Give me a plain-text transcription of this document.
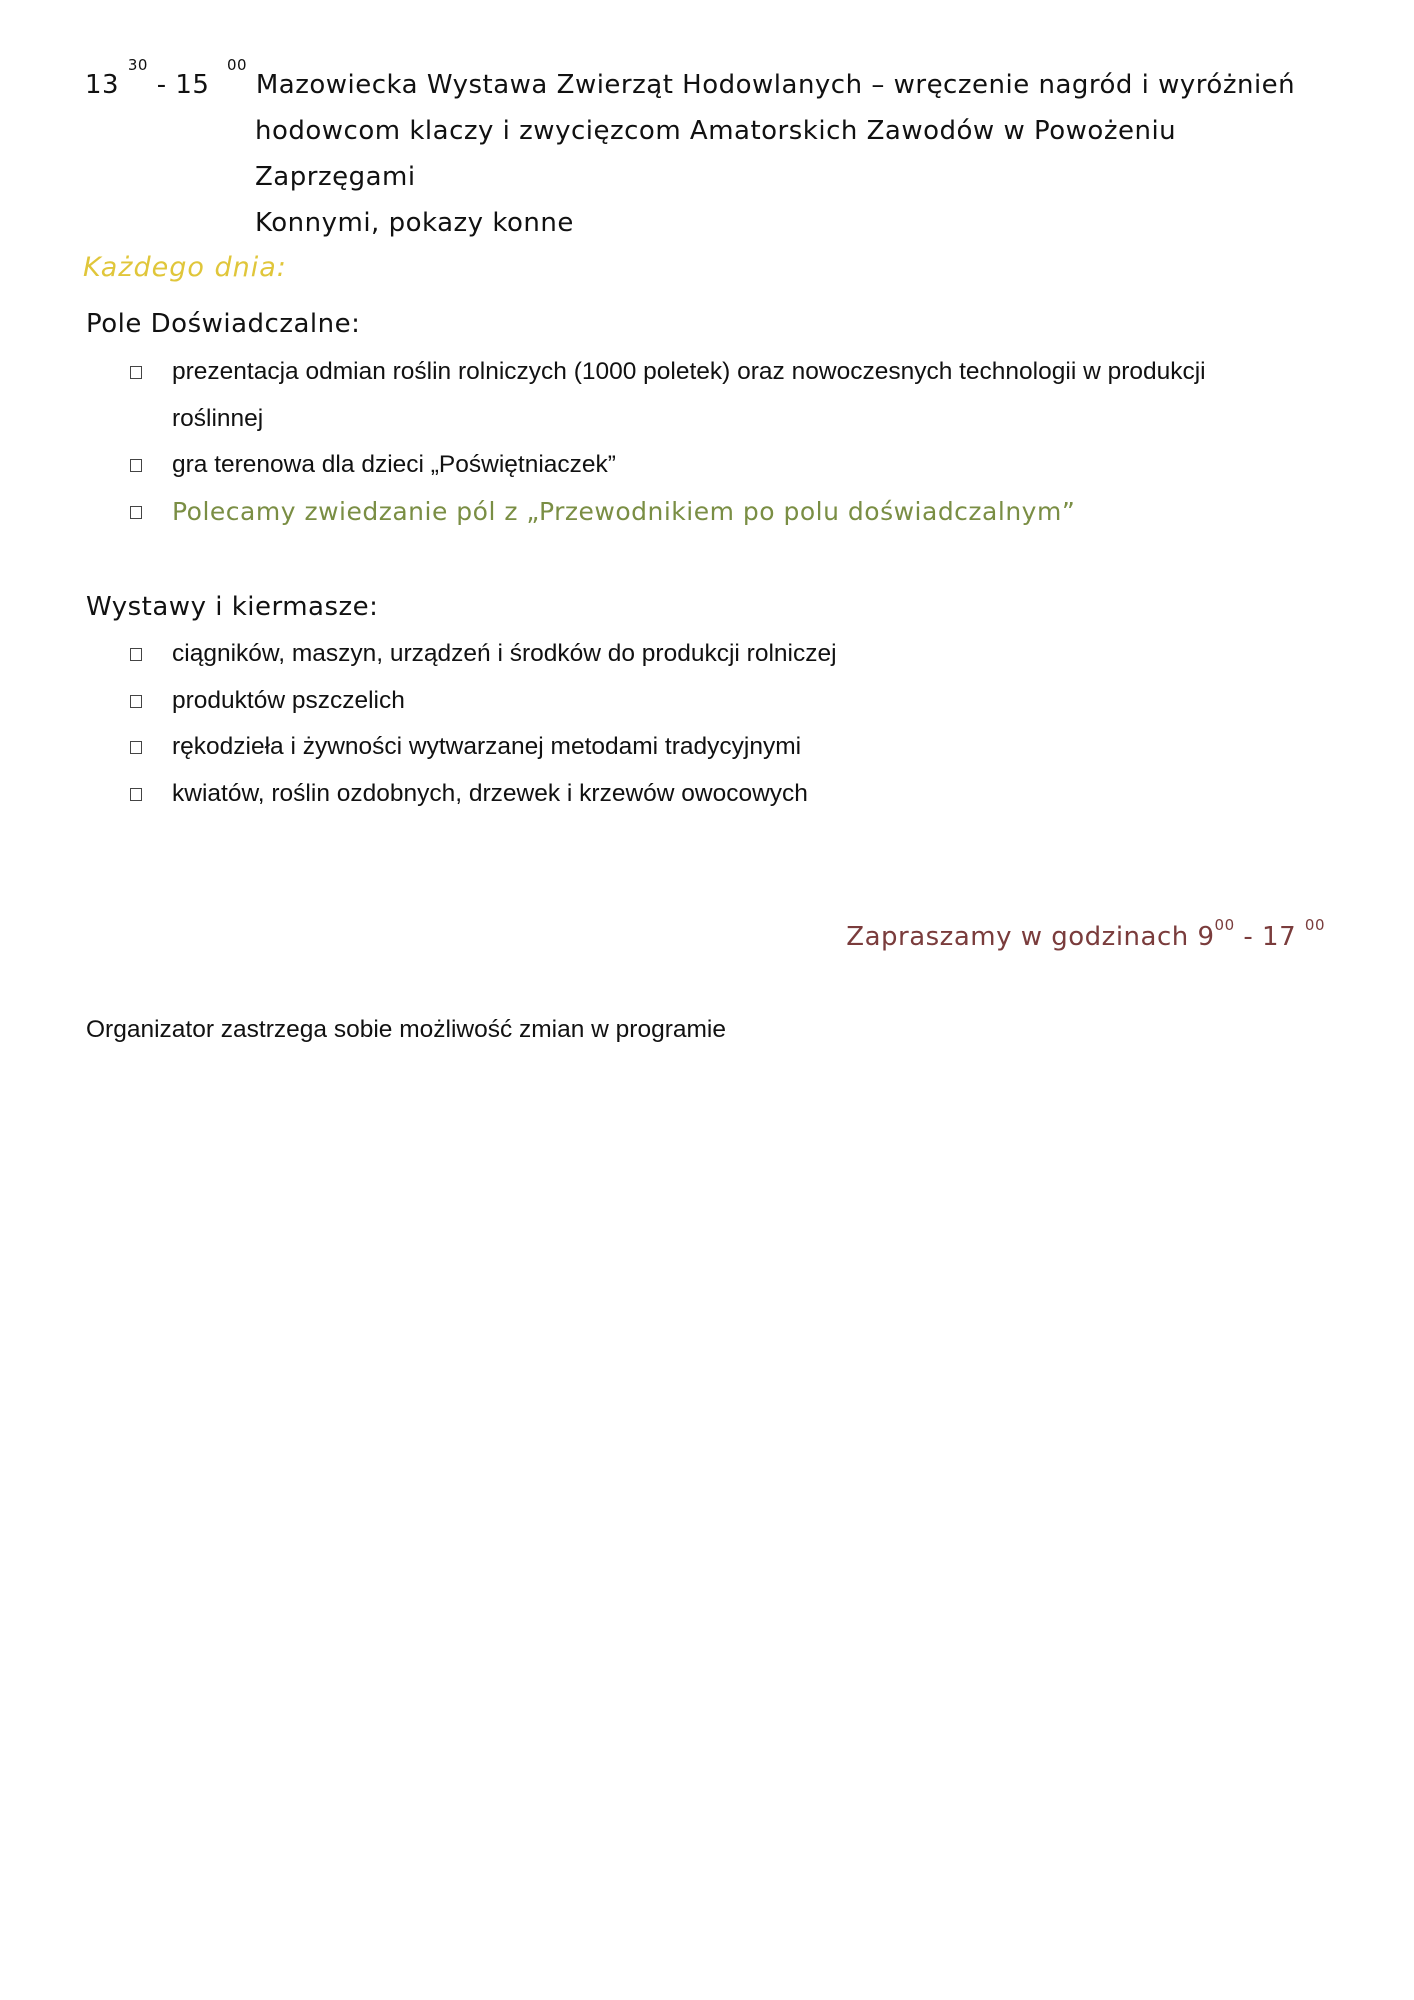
13 $^{30}$ - 15  $^{00}$ Mazowiecka Wystawa Zwierząt Hodowlanych – wręczenie nagród i wyróżnień
hodowcom klaczy i zwycięzcom Amatorskich Zawodów w Powożeniu Zaprzęgami
Konnymi, pokazy konne
Każdego dnia:
Pole Doświadczalne:
prezentacja odmian roślin rolniczych (1000 poletek) oraz nowoczesnych technologii w produkcji roślinnej
gra terenowa dla dzieci „Poświętniaczek”
Polecamy zwiedzanie pól z „Przewodnikiem po polu doświadczalnym”
Wystawy i kiermasze:
ciągników, maszyn, urządzeń i środków do produkcji rolniczej
produktów pszczelich
rękodzieła i żywności wytwarzanej metodami tradycyjnymi
kwiatów, roślin ozdobnych, drzewek i krzewów owocowych
Zapraszamy w godzinach $9^{00} - 17$ $^{00}$
Organizator zastrzega sobie możliwość zmian w programie
